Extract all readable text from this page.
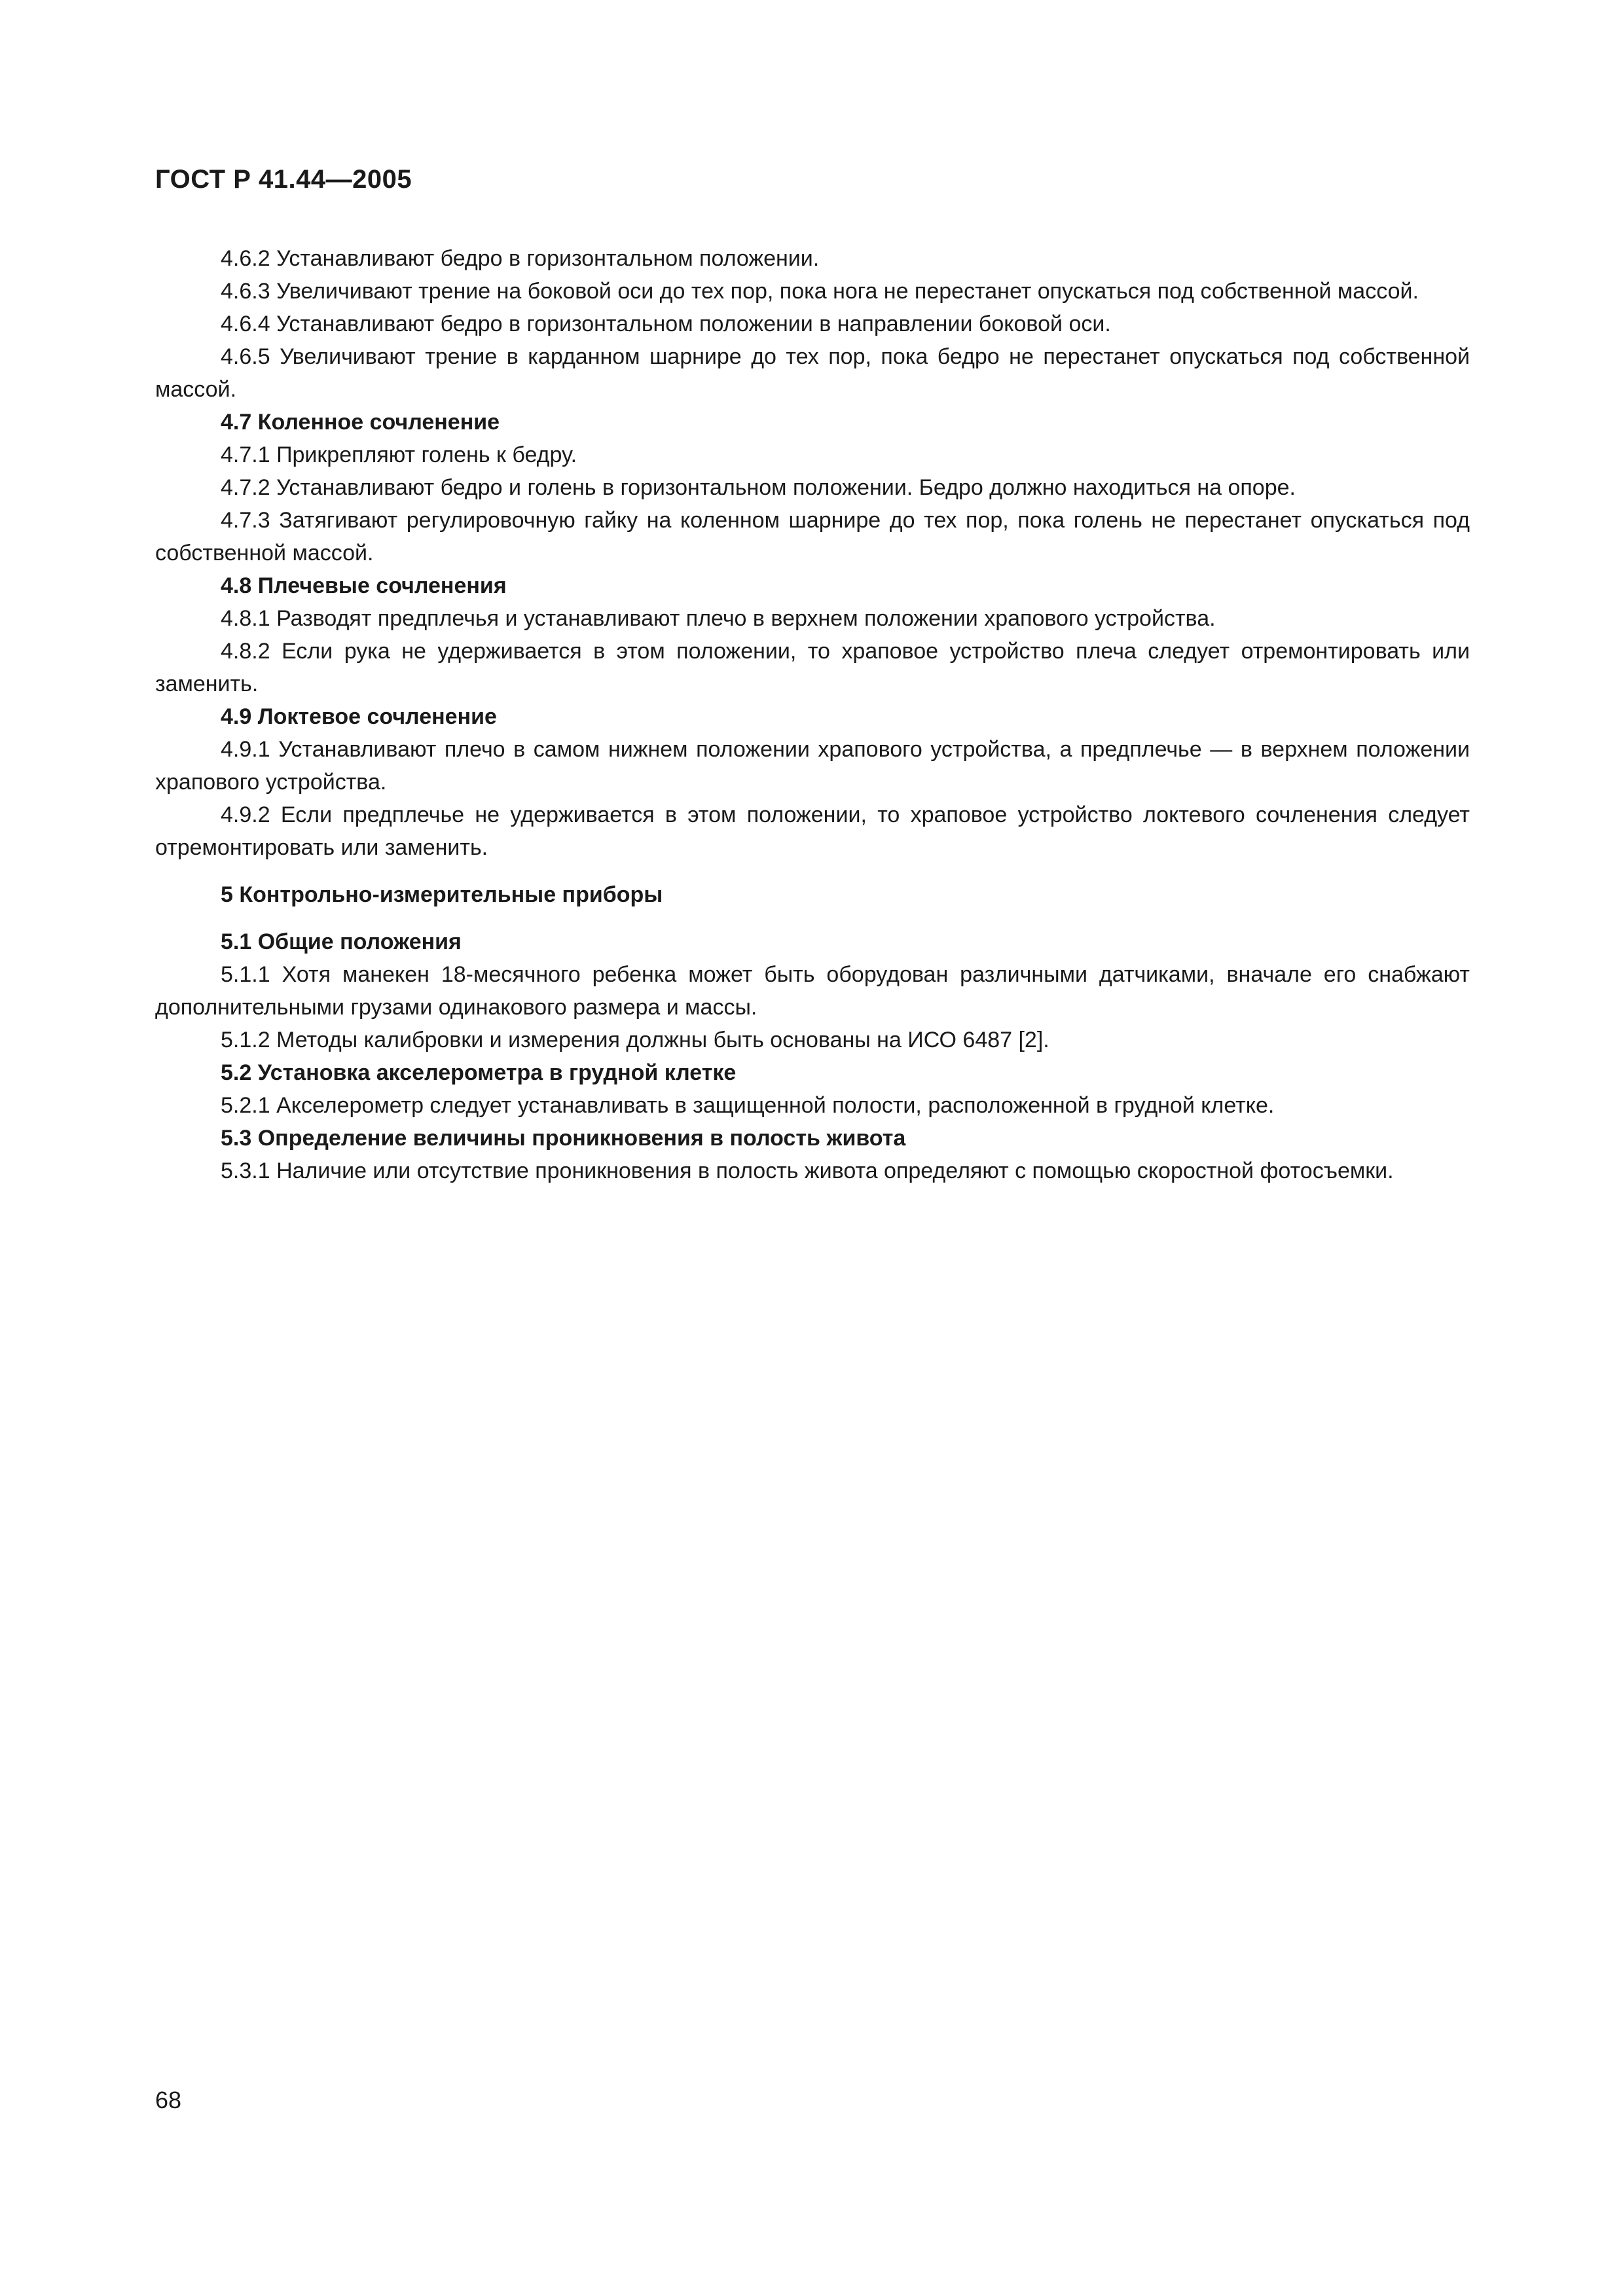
ГОСТ Р 41.44—2005

4.6.2 Устанавливают бедро в горизонтальном положении.

4.6.3 Увеличивают трение на боковой оси до тех пор, пока нога не перестанет опускаться под собственной массой.

4.6.4 Устанавливают бедро в горизонтальном положении в направлении боковой оси.

4.6.5 Увеличивают трение в карданном шарнире до тех пор, пока бедро не перестанет опускаться под собственной массой.

4.7 Коленное сочленение

4.7.1 Прикрепляют голень к бедру.

4.7.2 Устанавливают бедро и голень в горизонтальном положении. Бедро должно находиться на опоре.

4.7.3 Затягивают регулировочную гайку на коленном шарнире до тех пор, пока голень не перестанет опускаться под собственной массой.

4.8 Плечевые сочленения

4.8.1 Разводят предплечья и устанавливают плечо в верхнем положении храпового устройства.

4.8.2 Если рука не удерживается в этом положении, то храповое устройство плеча следует отремонтировать или заменить.

4.9 Локтевое сочленение

4.9.1 Устанавливают плечо в самом нижнем положении храпового устройства, а предплечье — в верхнем положении храпового устройства.

4.9.2 Если предплечье не удерживается в этом положении, то храповое устройство локтевого сочленения следует отремонтировать или заменить.

5 Контрольно-измерительные приборы

5.1 Общие положения

5.1.1 Хотя манекен 18-месячного ребенка может быть оборудован различными датчиками, вначале его снабжают дополнительными грузами одинакового размера и массы.

5.1.2 Методы калибровки и измерения должны быть основаны на ИСО 6487 [2].

5.2 Установка акселерометра в грудной клетке

5.2.1 Акселерометр следует устанавливать в защищенной полости, расположенной в грудной клетке.

5.3 Определение величины проникновения в полость живота

5.3.1 Наличие или отсутствие проникновения в полость живота определяют с помощью скоростной фотосъемки.

68
